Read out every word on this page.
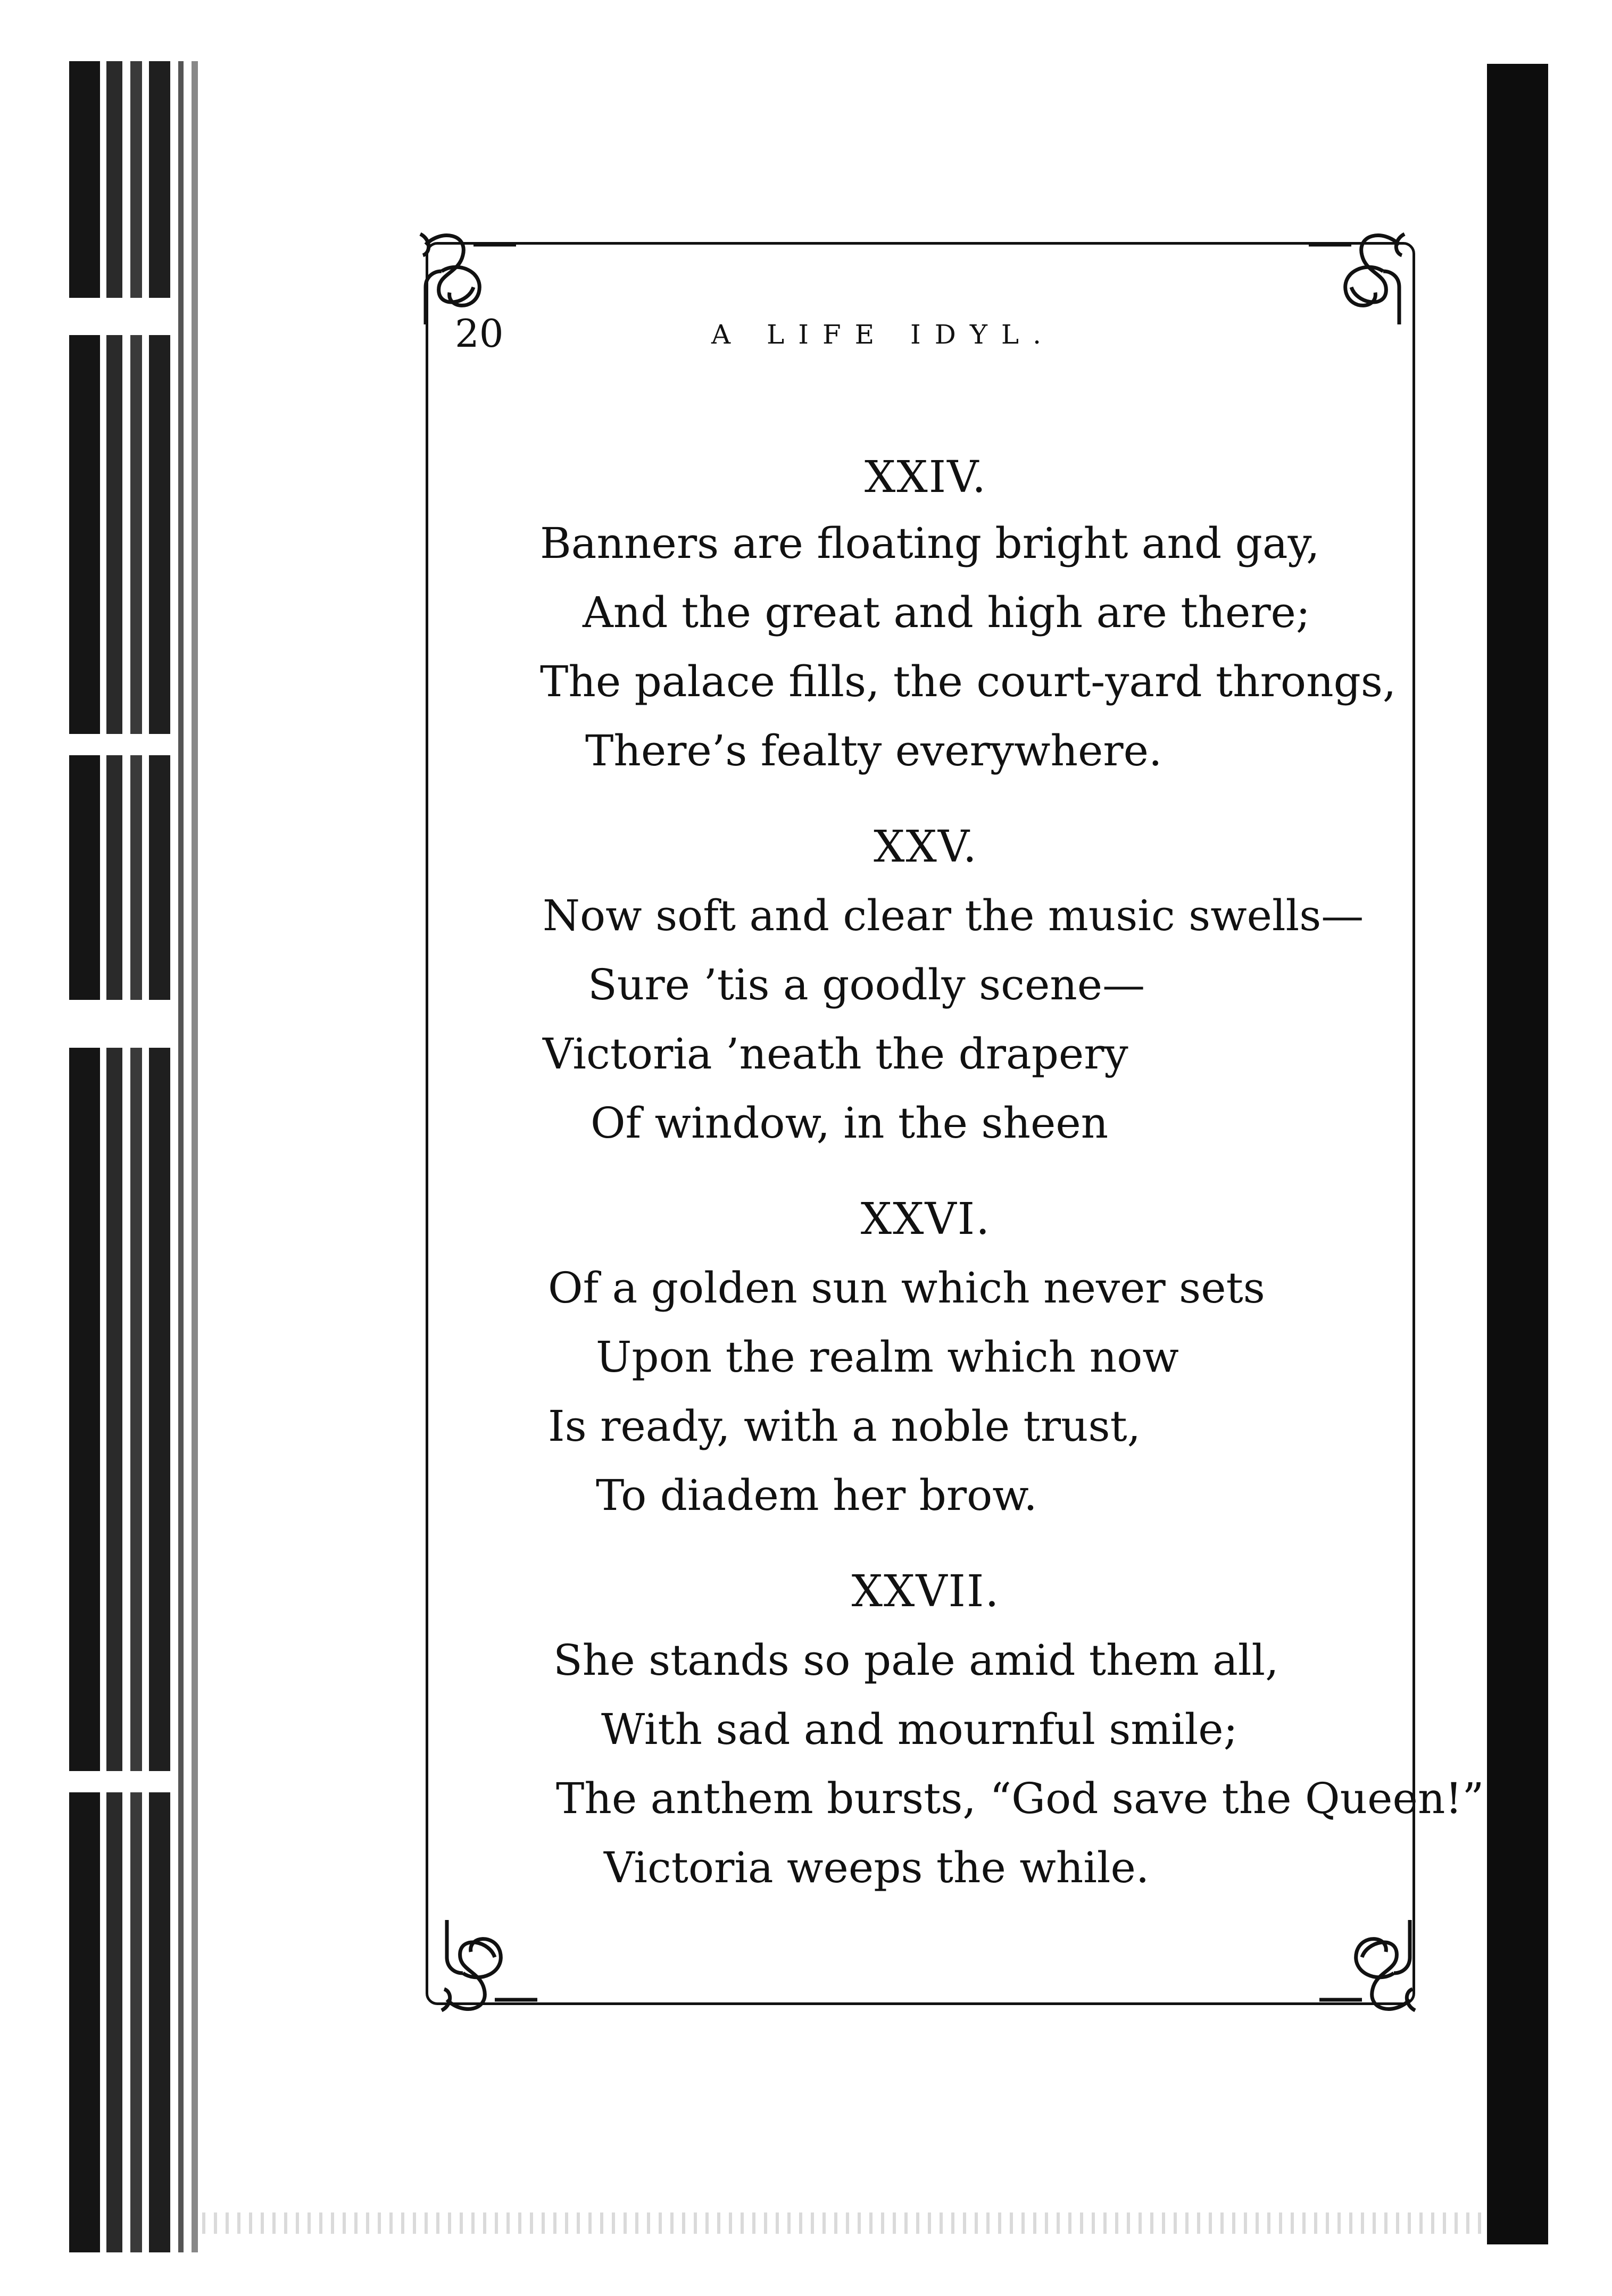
20	A LIFE IDYL.
XXIV.
Banners are floating bright and gay,
And the great and high are there;
The palace fills, the court-yard throngs,
There’s fealty everywhere.
XXV.
Now soft and clear the music swells—
Sure ’tis a goodly scene—
Victoria ’neath the drapery
Of window, in the sheen
XXVI.
Of a golden sun which never sets
Upon the realm which now
Is ready, with a noble trust,
To diadem her brow.
XXVII.
She stands so pale amid them all,
With sad and mournful smile;
The anthem bursts, “God save the Queen!”
Victoria weeps the while.
